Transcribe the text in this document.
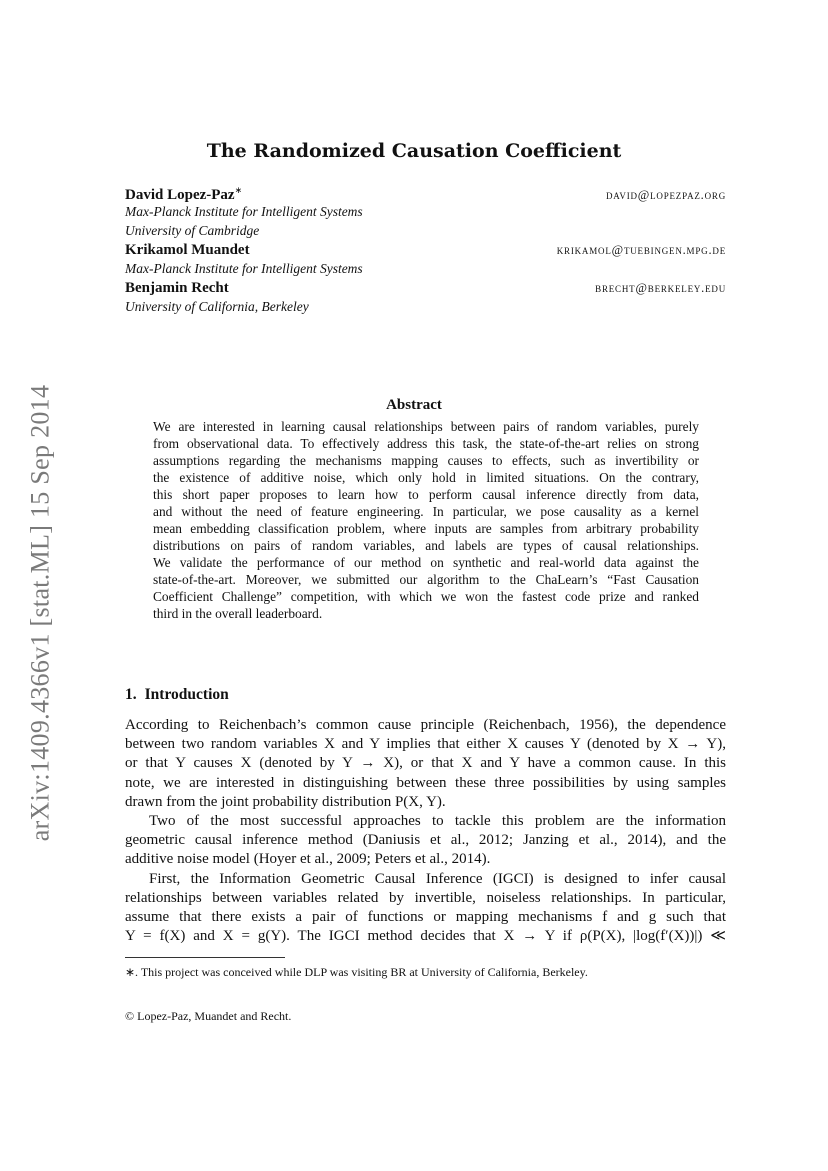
arXiv:1409.4366v1 [stat.ML] 15 Sep 2014
The Randomized Causation Coefficient
David Lopez-Paz∗	david@lopezpaz.org
Max-Planck Institute for Intelligent Systems
University of Cambridge
Krikamol Muandet	krikamol@tuebingen.mpg.de
Max-Planck Institute for Intelligent Systems
Benjamin Recht	brecht@berkeley.edu
University of California, Berkeley
Abstract
We are interested in learning causal relationships between pairs of random variables, purely
from observational data. To effectively address this task, the state-of-the-art relies on strong
assumptions regarding the mechanisms mapping causes to effects, such as invertibility or
the existence of additive noise, which only hold in limited situations. On the contrary,
this short paper proposes to learn how to perform causal inference directly from data,
and without the need of feature engineering. In particular, we pose causality as a kernel
mean embedding classification problem, where inputs are samples from arbitrary probability
distributions on pairs of random variables, and labels are types of causal relationships.
We validate the performance of our method on synthetic and real-world data against the
state-of-the-art. Moreover, we submitted our algorithm to the ChaLearn’s “Fast Causation
Coefficient Challenge” competition, with which we won the fastest code prize and ranked
third in the overall leaderboard.
1. Introduction
According to Reichenbach’s common cause principle (Reichenbach, 1956), the dependence
between two random variables X and Y implies that either X causes Y (denoted by X → Y),
or that Y causes X (denoted by Y → X), or that X and Y have a common cause. In this
note, we are interested in distinguishing between these three possibilities by using samples
drawn from the joint probability distribution P(X, Y).
Two of the most successful approaches to tackle this problem are the information
geometric causal inference method (Daniusis et al., 2012; Janzing et al., 2014), and the
additive noise model (Hoyer et al., 2009; Peters et al., 2014).
First, the Information Geometric Causal Inference (IGCI) is designed to infer causal
relationships between variables related by invertible, noiseless relationships. In particular,
assume that there exists a pair of functions or mapping mechanisms f and g such that
Y = f(X) and X = g(Y). The IGCI method decides that X → Y if ρ(P(X), |log(f′(X))|) ≪
∗. This project was conceived while DLP was visiting BR at University of California, Berkeley.
© Lopez-Paz, Muandet and Recht.
